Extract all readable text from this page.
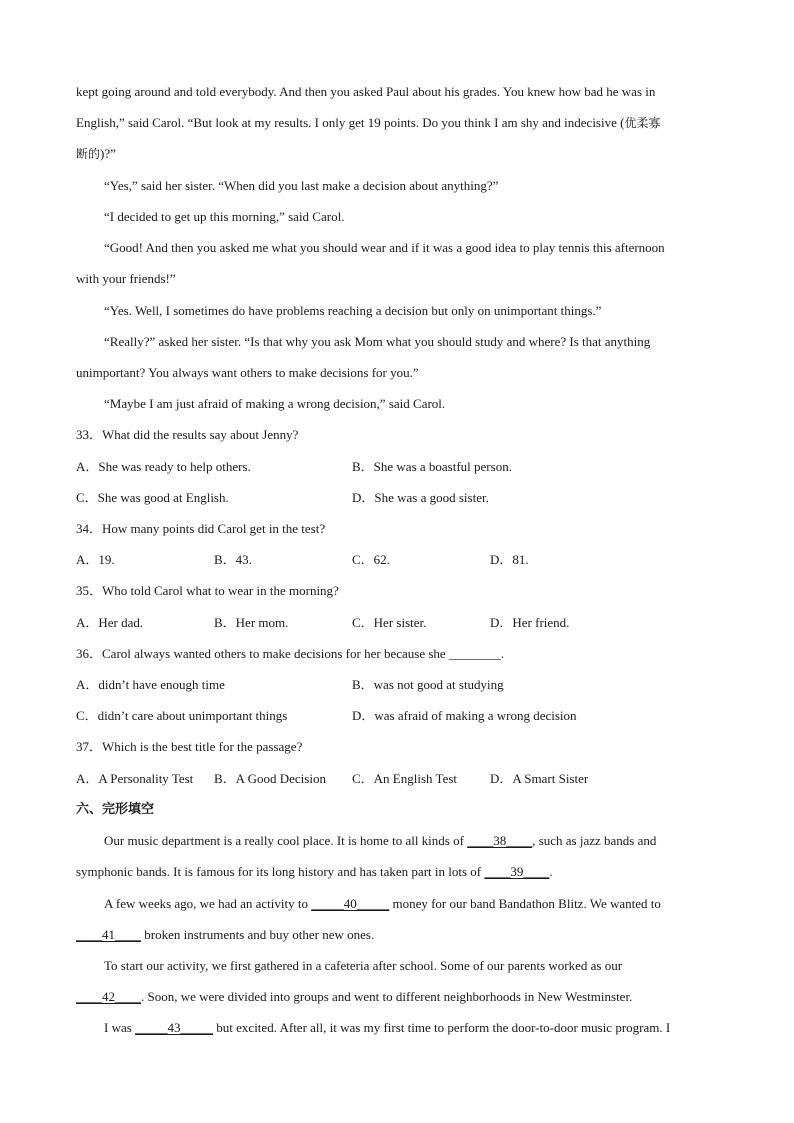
kept going around and told everybody. And then you asked Paul about his grades. You knew how bad he was in
English,” said Carol. “But look at my results. I only get 19 points. Do you think I am shy and indecisive (优柔寡
断的)?”
“Yes,” said her sister. “When did you last make a decision about anything?”
“I decided to get up this morning,” said Carol.
“Good! And then you asked me what you should wear and if it was a good idea to play tennis this afternoon
with your friends!”
“Yes. Well, I sometimes do have problems reaching a decision but only on unimportant things.”
“Really?” asked her sister. “Is that why you ask Mom what you should study and where? Is that anything
unimportant? You always want others to make decisions for you.”
“Maybe I am just afraid of making a wrong decision,” said Carol.
33．What did the results say about Jenny?
A．She was ready to help others.	B．She was a boastful person.
C．She was good at English.	D．She was a good sister.
34．How many points did Carol get in the test?
A．19.	B．43.	C．62.	D．81.
35．Who told Carol what to wear in the morning?
A．Her dad.	B．Her mom.	C．Her sister.	D．Her friend.
36．Carol always wanted others to make decisions for her because she ________.
A．didn’t have enough time	B．was not good at studying
C．didn’t care about unimportant things	D．was afraid of making a wrong decision
37．Which is the best title for the passage?
A．A Personality Test B．A Good Decision C．An English Test	D．A Smart Sister
六、完形填空
Our music department is a really cool place. It is home to all kinds of ____38____, such as jazz bands and
symphonic bands. It is famous for its long history and has taken part in lots of ____39____.
A few weeks ago, we had an activity to _____40_____ money for our band Bandathon Blitz. We wanted to
____41____ broken instruments and buy other new ones.
To start our activity, we first gathered in a cafeteria after school. Some of our parents worked as our
____42____. Soon, we were divided into groups and went to different neighborhoods in New Westminster.
I was _____43_____ but excited. After all, it was my first time to perform the door-to-door music program. I
